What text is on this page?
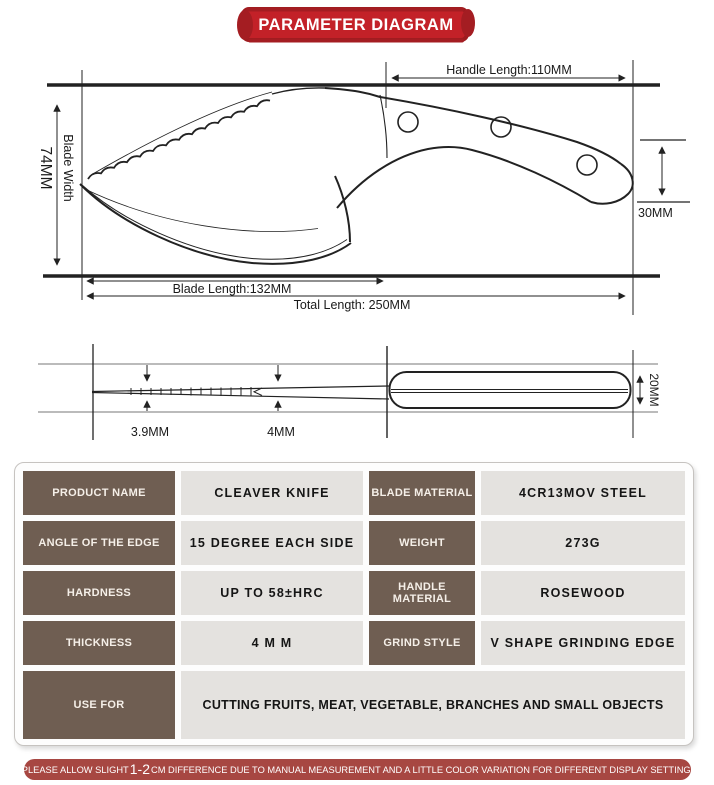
PARAMETER DIAGRAM
Handle Length:110MM
Blade Width
74MM
30MM
Blade Length:132MM
Total Length: 250MM
3.9MM	4MM
20MM
PRODUCT NAME	CLEAVER KNIFE	BLADE MATERIAL	4CR13MOV STEEL
ANGLE OF THE EDGE	15 DEGREE EACH SIDE	WEIGHT	273G
HARDNESS	UP TO 58±HRC	HANDLE MATERIAL	ROSEWOOD
THICKNESS	4 M M	GRIND STYLE	V SHAPE GRINDING EDGE
USE FOR	CUTTING FRUITS, MEAT, VEGETABLE, BRANCHES AND SMALL OBJECTS
PLEASE ALLOW SLIGHT 1-2 CM DIFFERENCE DUE TO MANUAL MEASUREMENT AND A LITTLE COLOR VARIATION FOR DIFFERENT DISPLAY SETTING.
